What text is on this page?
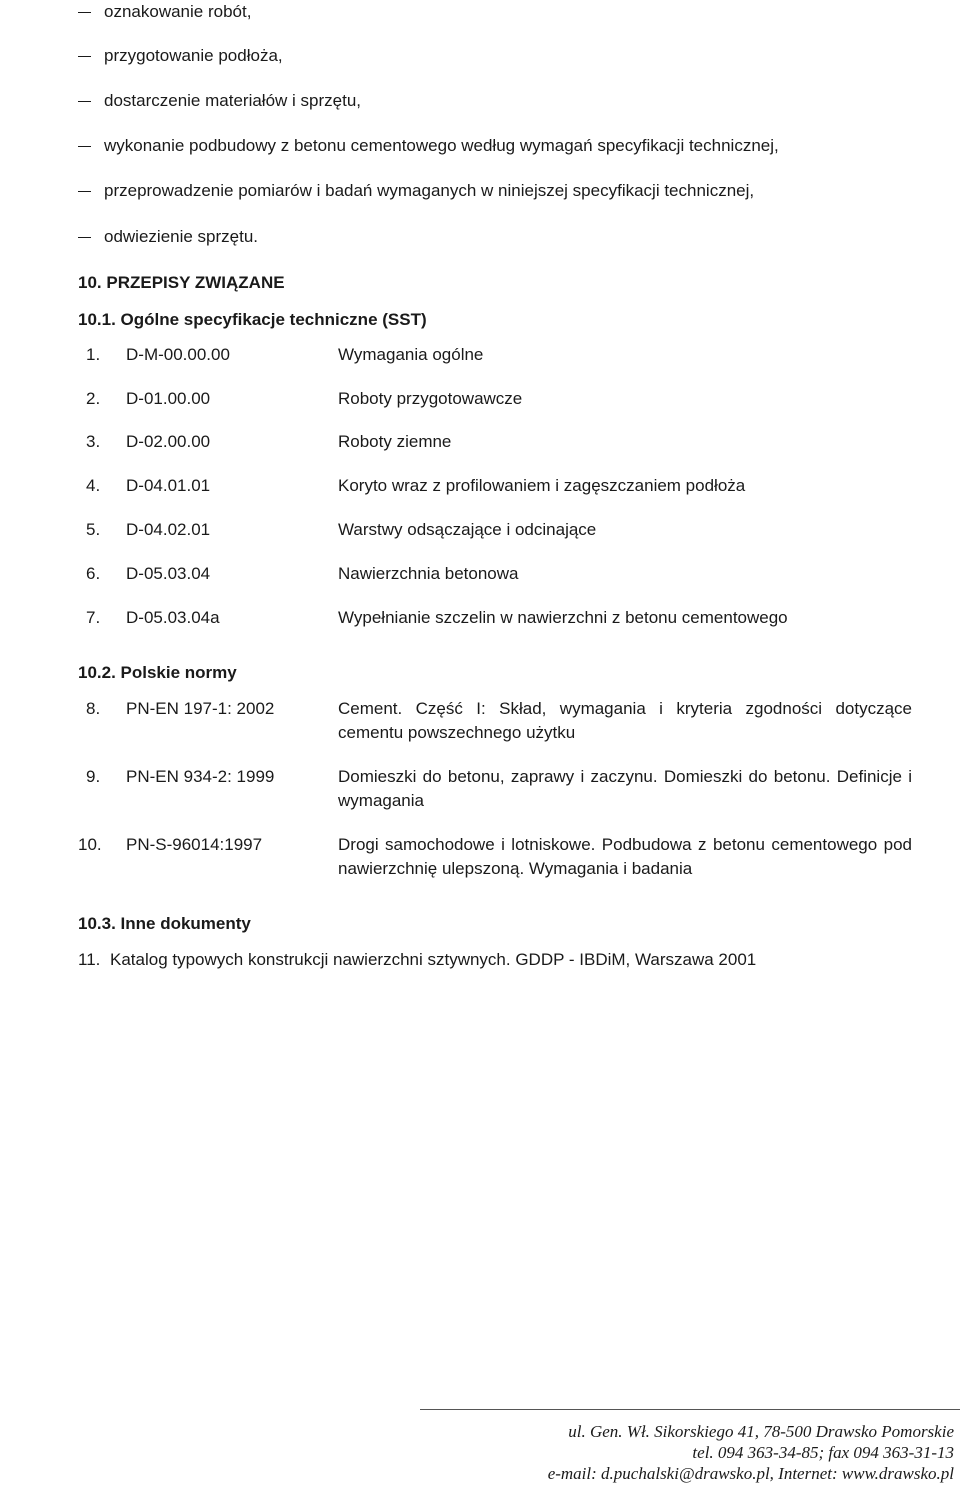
oznakowanie robót,
przygotowanie podłoża,
dostarczenie materiałów i sprzętu,
wykonanie podbudowy z betonu cementowego według wymagań specyfikacji technicznej,
przeprowadzenie pomiarów i badań wymaganych w niniejszej specyfikacji technicznej,
odwiezienie sprzętu.
10. PRZEPISY ZWIĄZANE
10.1. Ogólne specyfikacje techniczne (SST)
1. D-M-00.00.00	Wymagania ogólne
2. D-01.00.00	Roboty przygotowawcze
3. D-02.00.00	Roboty ziemne
4. D-04.01.01	Koryto wraz z profilowaniem i zagęszczaniem podłoża
5. D-04.02.01	Warstwy odsączające i odcinające
6. D-05.03.04	Nawierzchnia betonowa
7. D-05.03.04a	Wypełnianie szczelin w nawierzchni z betonu cementowego
10.2. Polskie normy
8. PN-EN 197-1: 2002	Cement. Część I: Skład, wymagania i kryteria zgodności dotyczące cementu powszechnego użytku
9. PN-EN 934-2: 1999	Domieszki do betonu, zaprawy i zaczynu. Domieszki do betonu. Definicje i wymagania
10. PN-S-96014:1997	Drogi samochodowe i lotniskowe. Podbudowa z betonu cementowego pod nawierzchnię ulepszoną. Wymagania i badania
10.3. Inne dokumenty
11. Katalog typowych konstrukcji nawierzchni sztywnych. GDDP - IBDiM, Warszawa 2001
ul. Gen. Wł. Sikorskiego 41, 78-500 Drawsko Pomorskie
tel. 094 363-34-85; fax 094 363-31-13
e-mail: d.puchalski@drawsko.pl, Internet: www.drawsko.pl
